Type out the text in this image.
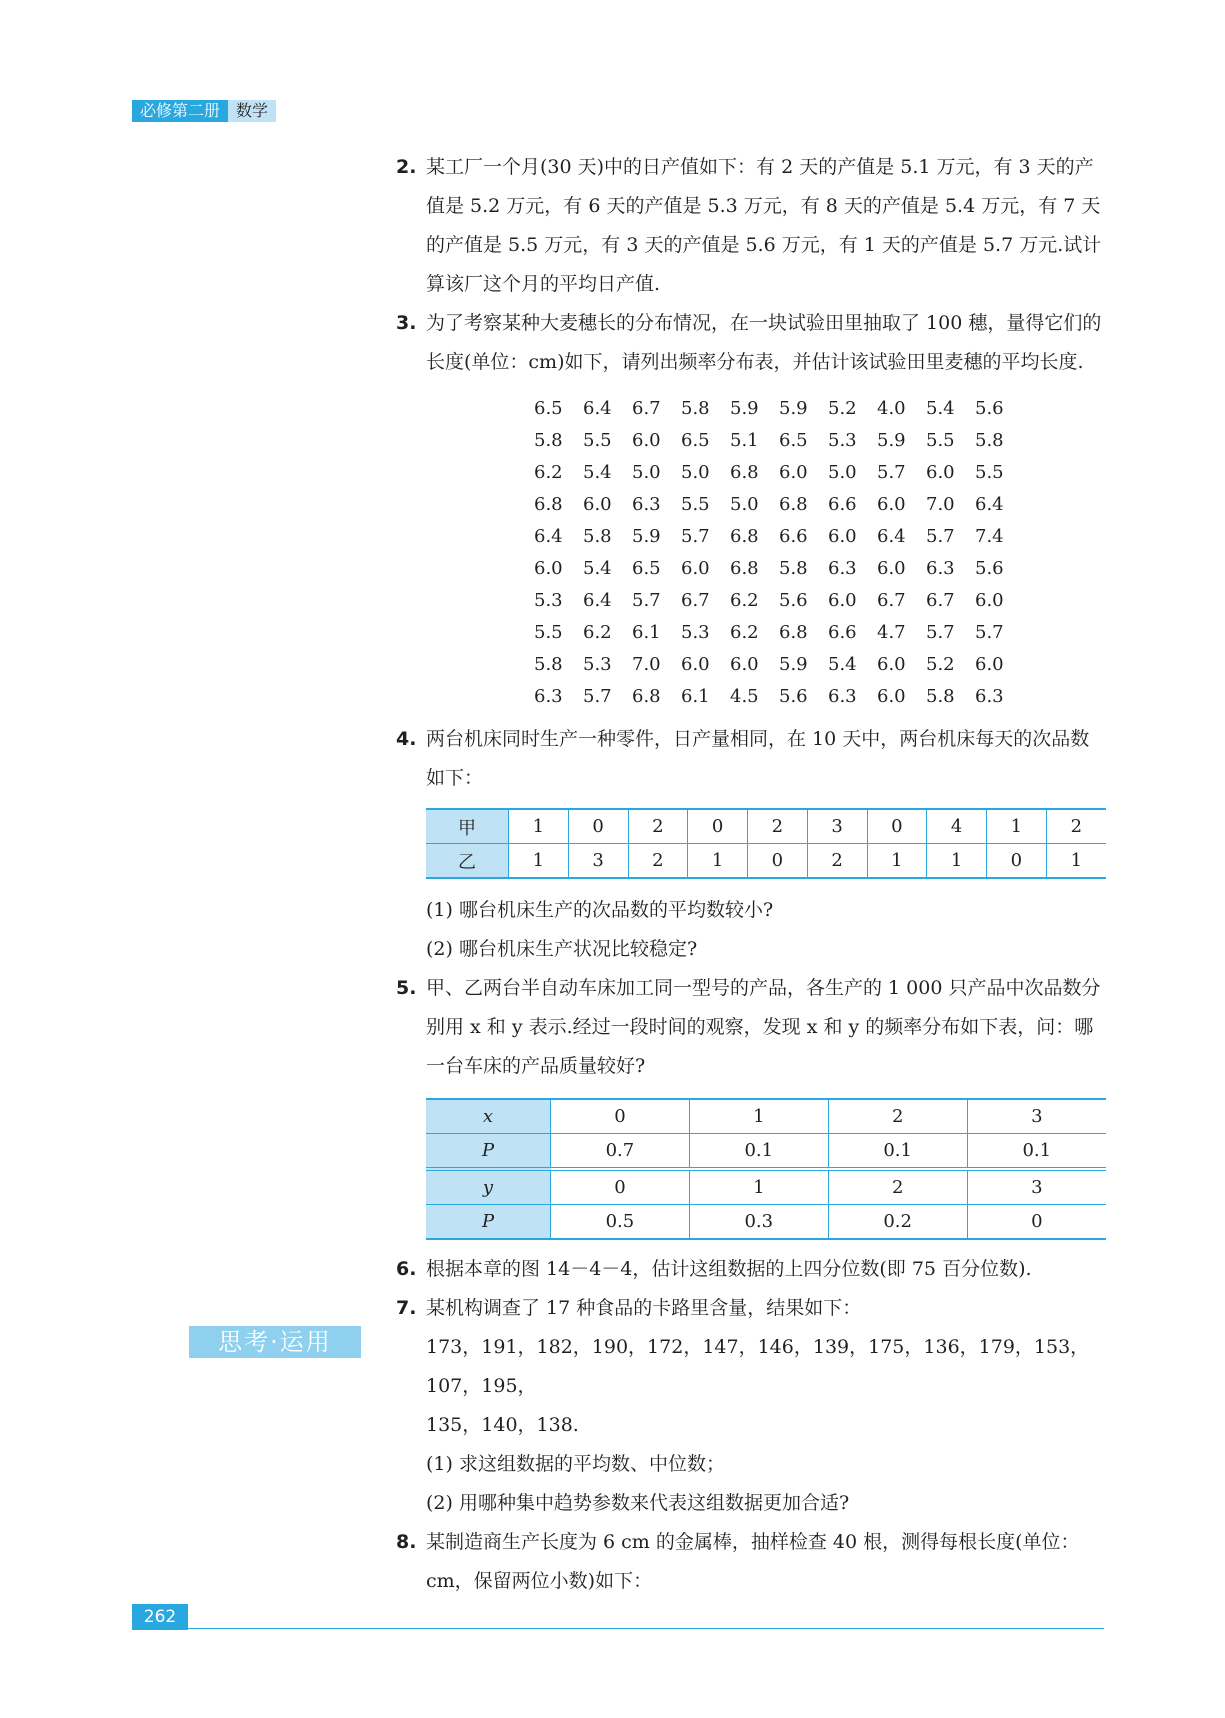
必修第二册	数学

2. 某工厂一个月(30 天)中的日产值如下：有 2 天的产值是 5.1 万元，有 3 天的产值是 5.2 万元，有 6 天的产值是 5.3 万元，有 8 天的产值是 5.4 万元，有 7 天的产值是 5.5 万元，有 3 天的产值是 5.6 万元，有 1 天的产值是 5.7 万元.试计算该厂这个月的平均日产值.

3. 为了考察某种大麦穗长的分布情况，在一块试验田里抽取了 100 穗，量得它们的长度(单位：cm)如下，请列出频率分布表，并估计该试验田里麦穗的平均长度.

6.5	6.4	6.7	5.8	5.9	5.9	5.2	4.0	5.4	5.6
5.8	5.5	6.0	6.5	5.1	6.5	5.3	5.9	5.5	5.8
6.2	5.4	5.0	5.0	6.8	6.0	5.0	5.7	6.0	5.5
6.8	6.0	6.3	5.5	5.0	6.8	6.6	6.0	7.0	6.4
6.4	5.8	5.9	5.7	6.8	6.6	6.0	6.4	5.7	7.4
6.0	5.4	6.5	6.0	6.8	5.8	6.3	6.0	6.3	5.6
5.3	6.4	5.7	6.7	6.2	5.6	6.0	6.7	6.7	6.0
5.5	6.2	6.1	5.3	6.2	6.8	6.6	4.7	5.7	5.7
5.8	5.3	7.0	6.0	6.0	5.9	5.4	6.0	5.2	6.0
6.3	5.7	6.8	6.1	4.5	5.6	6.3	6.0	5.8	6.3

4. 两台机床同时生产一种零件，日产量相同，在 10 天中，两台机床每天的次品数如下：

甲	1	0	2	0	2	3	0	4	1	2
乙	1	3	2	1	0	2	1	1	0	1

(1) 哪台机床生产的次品数的平均数较小?

(2) 哪台机床生产状况比较稳定?

5. 甲、乙两台半自动车床加工同一型号的产品，各生产的 1 000 只产品中次品数分别用 x 和 y 表示.经过一段时间的观察，发现 x 和 y 的频率分布如下表，问：哪一台车床的产品质量较好?

x	0	1	2	3
P	0.7	0.1	0.1	0.1
y	0	1	2	3
P	0.5	0.3	0.2	0

6. 根据本章的图 14－4－4，估计这组数据的上四分位数(即 75 百分位数).

7. 某机构调查了 17 种食品的卡路里含量，结果如下：

173，191，182，190，172，147，146，139，175，136，179，153，107，195，

135，140，138.

(1) 求这组数据的平均数、中位数；

(2) 用哪种集中趋势参数来代表这组数据更加合适?

8. 某制造商生产长度为 6 cm 的金属棒，抽样检查 40 根，测得每根长度(单位：cm，保留两位小数)如下：

思考·运用
262
